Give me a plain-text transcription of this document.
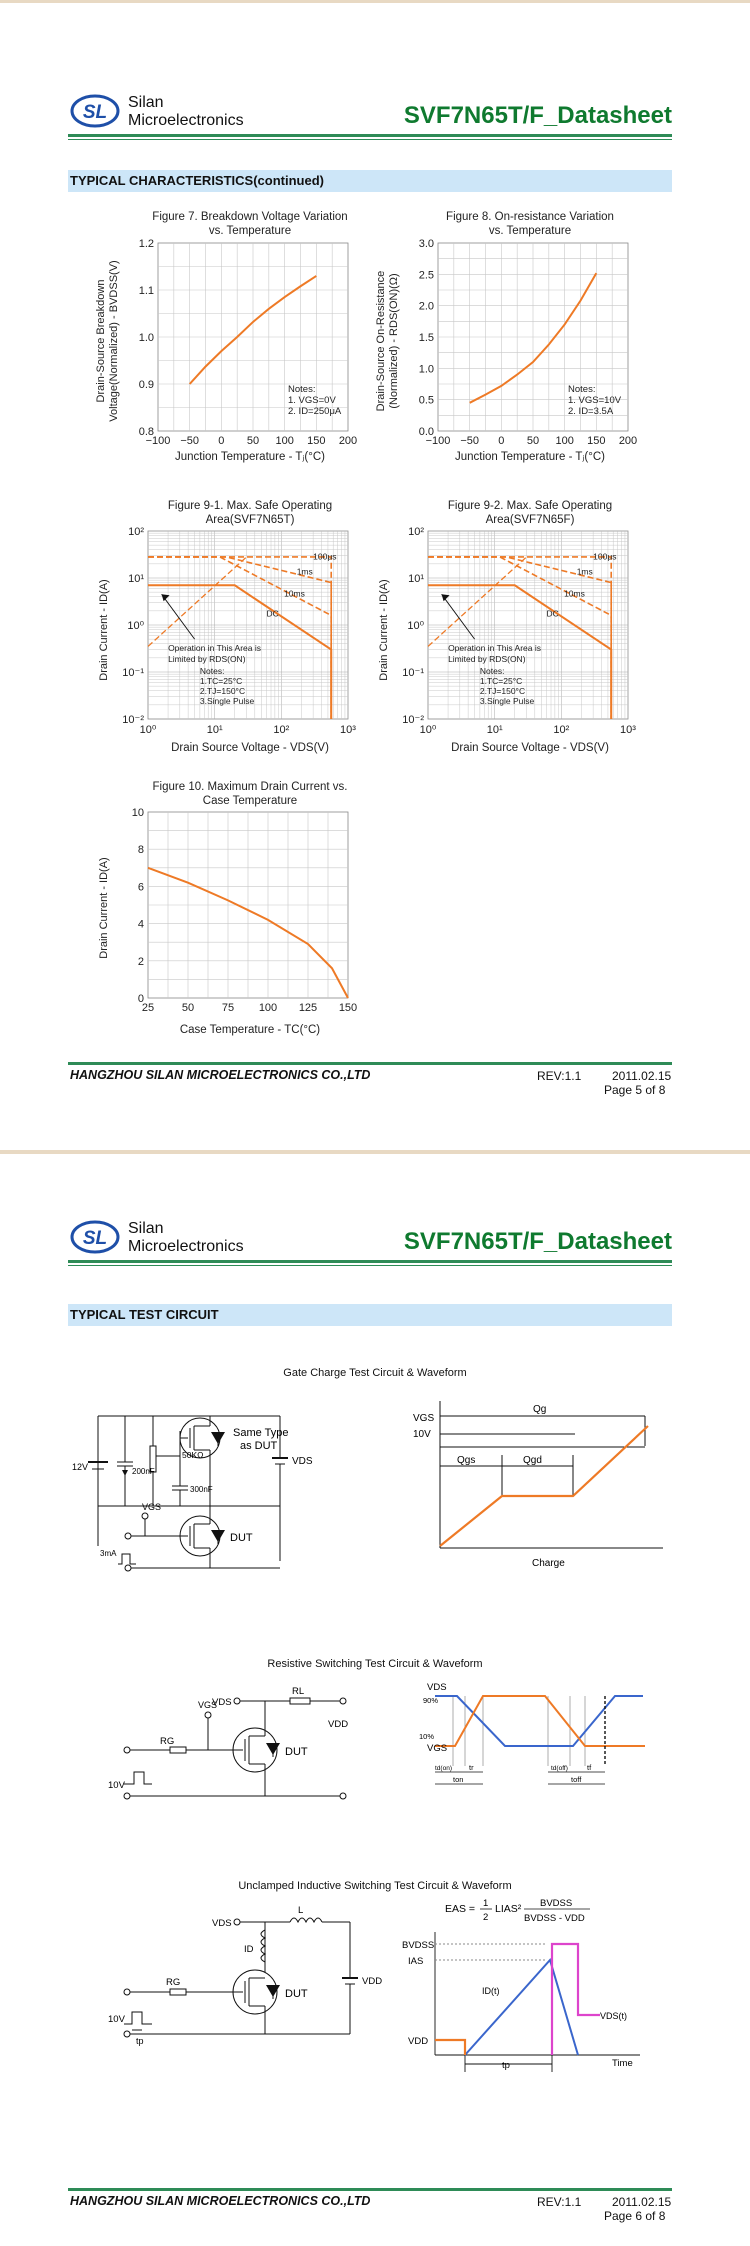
SL Silan
Microelectronics	SVF7N65T/F_Datasheet
TYPICAL CHARACTERISTICS(continued)
Figure 7. Breakdown Voltage Variation
vs. Temperature
−100 −50 0 50 100 150 200
0.8
0.9
1.0
1.1
1.2
Junction Temperature - Tⱼ(°C)
Drain-Source Breakdown Voltage(Normalized) - BVDSS(V)	Notes:
1. VGS=0V
2. ID=250μA
Figure 8. On-resistance Variation
vs. Temperature
−100 −50 0 50 100 150 200
0.0
0.5
1.0
1.5
2.0
2.5
3.0
Junction Temperature - Tⱼ(°C)
Drain-Source On-Resistance (Normalized) - RDS(ON)(Ω)	Notes:
1. VGS=10V
2. ID=3.5A
Figure 9-1. Max. Safe Operating
Area(SVF7N65T)
10⁰	10¹	10²	10³
10⁻²
10⁻¹
10⁰
10¹
10²
100μs
1ms
10ms
DC
Operation in This Area is
Limited by RDS(ON)
Notes:
1.TC=25°C
2.TJ=150°C
3.Single Pulse
Drain Source Voltage - VDS(V)
Drain Current - ID(A)
Figure 9-2. Max. Safe Operating
Area(SVF7N65F)
10⁰	10¹	10²	10³
10⁻²
10⁻¹
10⁰
10¹
10²
100μs
1ms
10ms
DC
Operation in This Area is
Limited by RDS(ON)
Notes:
1.TC=25°C
2.TJ=150°C
3.Single Pulse
Drain Source Voltage - VDS(V)
Drain Current - ID(A)
Figure 10. Maximum Drain Current vs.
Case Temperature
25	50	75 100 125 150
0
2
4
6
8
10
Case Temperature - TC(°C)
Drain Current - ID(A)
HANGZHOU SILAN MICROELECTRONICS CO.,LTD	REV:1.1	2011.02.15
Page 5 of 8
SL Silan
Microelectronics	SVF7N65T/F_Datasheet
TYPICAL TEST CIRCUIT
Gate Charge Test Circuit & Waveform
12V	200nF
50KΩ
300nF
Same Type
as DUT
VDS
VGS
DUT
3mA
VGS
10V
Qg
Qgs	Qgd
Charge
Resistive Switching Test Circuit & Waveform
VDS
RL
VGS
VDD
RG
DUT
10V
VDS
90%
10%
VGS
td(on) tr
ton
td(off)	tf
toff
Unclamped Inductive Switching Test Circuit & Waveform
L
VDS
ID
RG
DUT
VDD
10V
tp
EAS = 1
2
LIAS² BVDSS
BVDSS - VDD
BVDSS
IAS
ID(t)
VDD
VDS(t)
tp	Time
HANGZHOU SILAN MICROELECTRONICS CO.,LTD	REV:1.1	2011.02.15
Page 6 of 8
